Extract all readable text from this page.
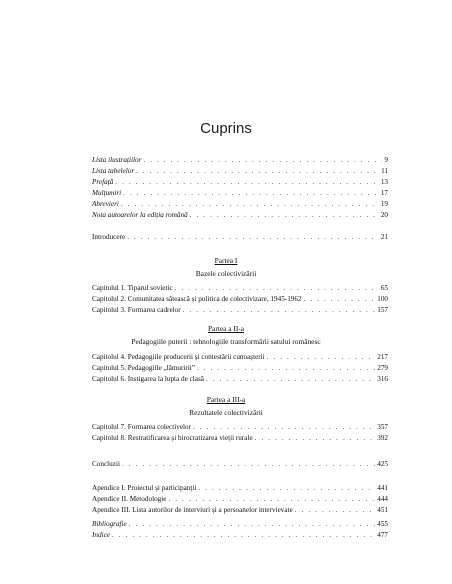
Cuprins
Lista ilustrațiilor . . .	9
Lista tabelelor . . .	11
Prefață . . .	13
Mulțumiri . . .	17
Abrevieri . . .	19
Nota autoarelor la ediția română . . .	20
Introducere . . .	21
Partea I
Bazele colectivizării
Capitolul 1. Tiparul sovietic . . .	65
Capitolul 2. Comunitatea sătească și politica de colectivizare, 1945-1962 . . .	100
Capitolul 3. Formarea cadrelor . . .	157
Partea a II-a
Pedagogiile puterii : tehnologiile transformării satului românesc
Capitolul 4. Pedagogiile producerii și contestării cunoașterii . . .	217
Capitolul 5. Pedagogiile „lămuririi” . . .	279
Capitolul 6. Instigarea la lupta de clasă . . .	316
Partea a III-a
Rezultatele colectivizării
Capitolul 7. Formarea colectivelor . . .	357
Capitolul 8. Restratificarea și birocratizarea vieții rurale . . .	392
Concluzii . . .	425
Apendice I. Proiectul și participanții . . .	441
Apendice II. Metodologie . . .	444
Apendice III. Lista autorilor de interviuri și a persoanelor intervievate . . .	451
Bibliografie . . .	455
Indice . . .	477
